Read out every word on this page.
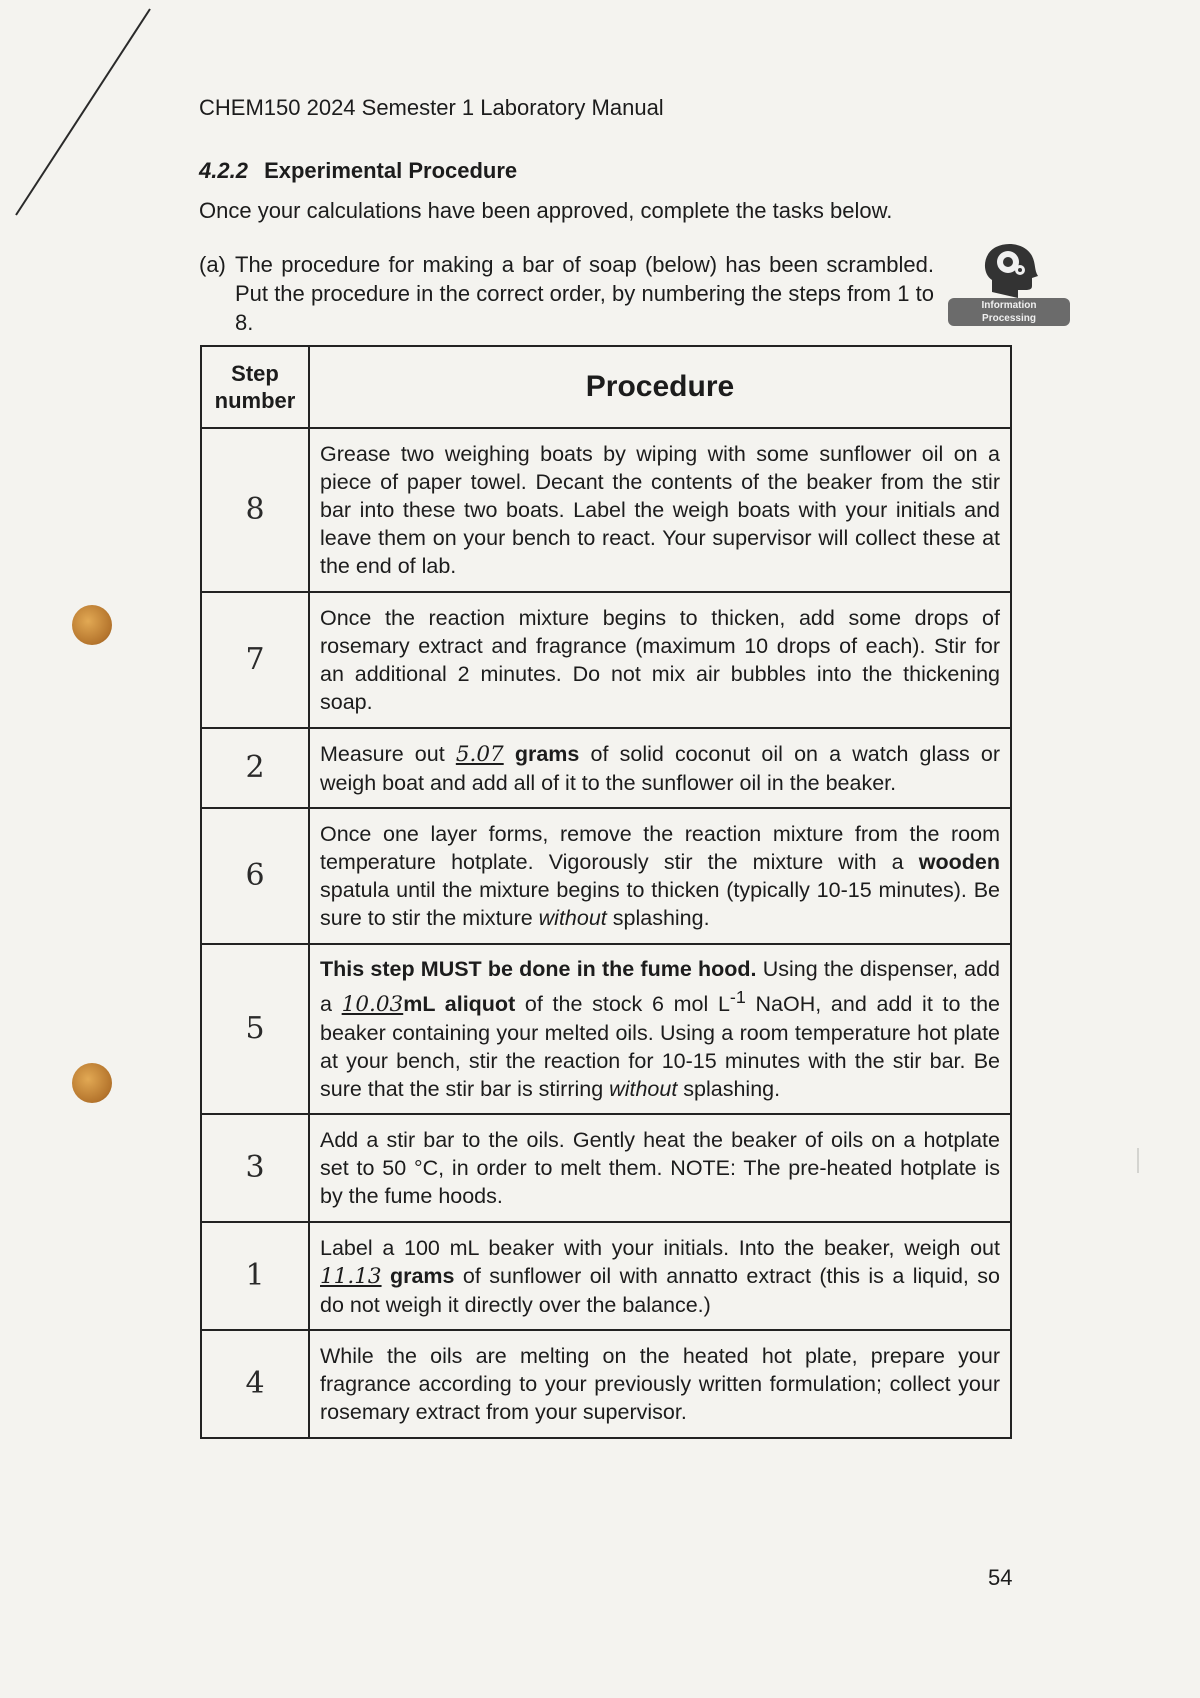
CHEM150 2024 Semester 1 Laboratory Manual
4.2.2 Experimental Procedure
Once your calculations have been approved, complete the tasks below.
(a) The procedure for making a bar of soap (below) has been scrambled. Put the procedure in the correct order, by numbering the steps from 1 to 8.
Information
Processing
Step number	Procedure
8	Grease two weighing boats by wiping with some sunflower oil on a piece of paper towel. Decant the contents of the beaker from the stir bar into these two boats. Label the weigh boats with your initials and leave them on your bench to react. Your supervisor will collect these at the end of lab.
7	Once the reaction mixture begins to thicken, add some drops of rosemary extract and fragrance (maximum 10 drops of each). Stir for an additional 2 minutes. Do not mix air bubbles into the thickening soap.
2	Measure out 5.07 grams of solid coconut oil on a watch glass or weigh boat and add all of it to the sunflower oil in the beaker.
6	Once one layer forms, remove the reaction mixture from the room temperature hotplate. Vigorously stir the mixture with a wooden spatula until the mixture begins to thicken (typically 10-15 minutes). Be sure to stir the mixture without splashing.
5	This step MUST be done in the fume hood. Using the dispenser, add a 10.03mL aliquot of the stock 6 mol $L^{-1}$ NaOH, and add it to the beaker containing your melted oils. Using a room temperature hot plate at your bench, stir the reaction for 10-15 minutes with the stir bar. Be sure that the stir bar is stirring without splashing.
3	Add a stir bar to the oils. Gently heat the beaker of oils on a hotplate set to 50 °C, in order to melt them. NOTE: The pre-heated hotplate is by the fume hoods.
1	Label a 100 mL beaker with your initials. Into the beaker, weigh out 11.13 grams of sunflower oil with annatto extract (this is a liquid, so do not weigh it directly over the balance.)
4	While the oils are melting on the heated hot plate, prepare your fragrance according to your previously written formulation; collect your rosemary extract from your supervisor.
54
